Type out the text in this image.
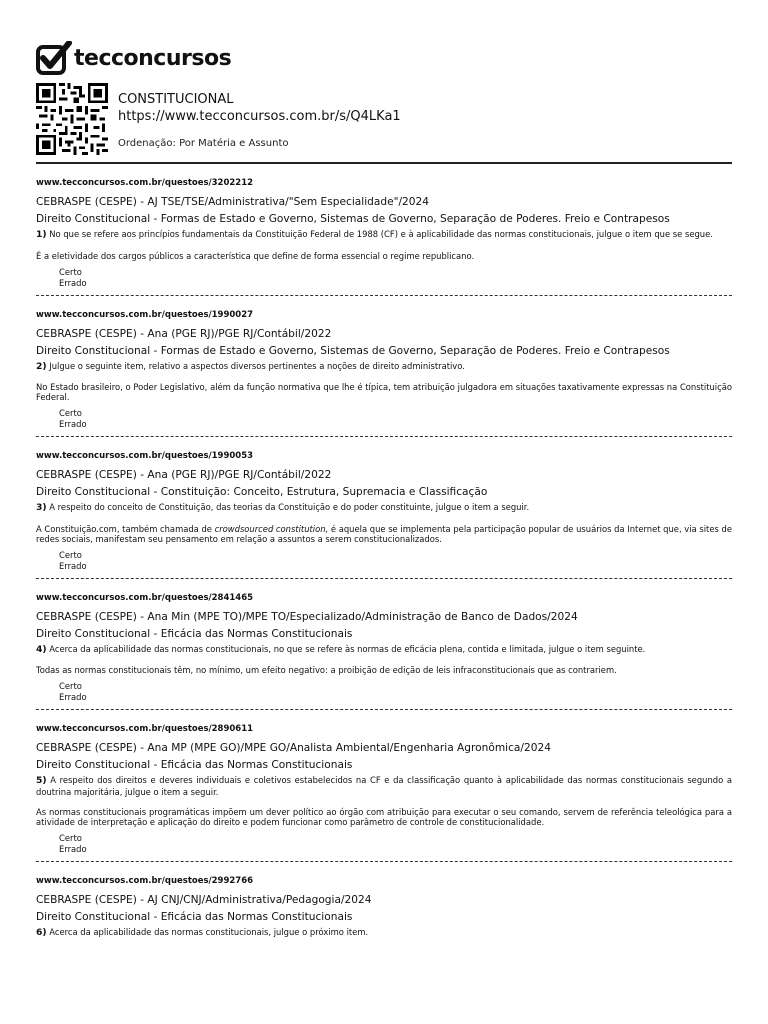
tecconcursos
CONSTITUCIONAL
https://www.tecconcursos.com.br/s/Q4LKa1
Ordenação: Por Matéria e Assunto
www.tecconcursos.com.br/questoes/3202212
CEBRASPE (CESPE) - AJ TSE/TSE/Administrativa/"Sem Especialidade"/2024
Direito Constitucional - Formas de Estado e Governo, Sistemas de Governo, Separação de Poderes. Freio e Contrapesos
1) No que se refere aos princípios fundamentais da Constituição Federal de 1988 (CF) e à aplicabilidade das normas constitucionais, julgue o item que se segue.
É a eletividade dos cargos públicos a característica que define de forma essencial o regime republicano.
Certo
Errado
www.tecconcursos.com.br/questoes/1990027
CEBRASPE (CESPE) - Ana (PGE RJ)/PGE RJ/Contábil/2022
Direito Constitucional - Formas de Estado e Governo, Sistemas de Governo, Separação de Poderes. Freio e Contrapesos
2) Julgue o seguinte item, relativo a aspectos diversos pertinentes a noções de direito administrativo.
No Estado brasileiro, o Poder Legislativo, além da função normativa que lhe é típica, tem atribuição julgadora em situações taxativamente expressas na Constituição Federal.
Certo
Errado
www.tecconcursos.com.br/questoes/1990053
CEBRASPE (CESPE) - Ana (PGE RJ)/PGE RJ/Contábil/2022
Direito Constitucional - Constituição: Conceito, Estrutura, Supremacia e Classificação
3) A respeito do conceito de Constituição, das teorias da Constituição e do poder constituinte, julgue o item a seguir.
A Constituição.com, também chamada de crowdsourced constitution, é aquela que se implementa pela participação popular de usuários da Internet que, via sites de redes sociais, manifestam seu pensamento em relação a assuntos a serem constitucionalizados.
Certo
Errado
www.tecconcursos.com.br/questoes/2841465
CEBRASPE (CESPE) - Ana Min (MPE TO)/MPE TO/Especializado/Administração de Banco de Dados/2024
Direito Constitucional - Eficácia das Normas Constitucionais
4) Acerca da aplicabilidade das normas constitucionais, no que se refere às normas de eficácia plena, contida e limitada, julgue o item seguinte.
Todas as normas constitucionais têm, no mínimo, um efeito negativo: a proibição de edição de leis infraconstitucionais que as contrariem.
Certo
Errado
www.tecconcursos.com.br/questoes/2890611
CEBRASPE (CESPE) - Ana MP (MPE GO)/MPE GO/Analista Ambiental/Engenharia Agronômica/2024
Direito Constitucional - Eficácia das Normas Constitucionais
5) A respeito dos direitos e deveres individuais e coletivos estabelecidos na CF e da classificação quanto à aplicabilidade das normas constitucionais segundo a doutrina majoritária, julgue o item a seguir.
As normas constitucionais programáticas impõem um dever político ao órgão com atribuição para executar o seu comando, servem de referência teleológica para a atividade de interpretação e aplicação do direito e podem funcionar como parâmetro de controle de constitucionalidade.
Certo
Errado
www.tecconcursos.com.br/questoes/2992766
CEBRASPE (CESPE) - AJ CNJ/CNJ/Administrativa/Pedagogia/2024
Direito Constitucional - Eficácia das Normas Constitucionais
6) Acerca da aplicabilidade das normas constitucionais, julgue o próximo item.
